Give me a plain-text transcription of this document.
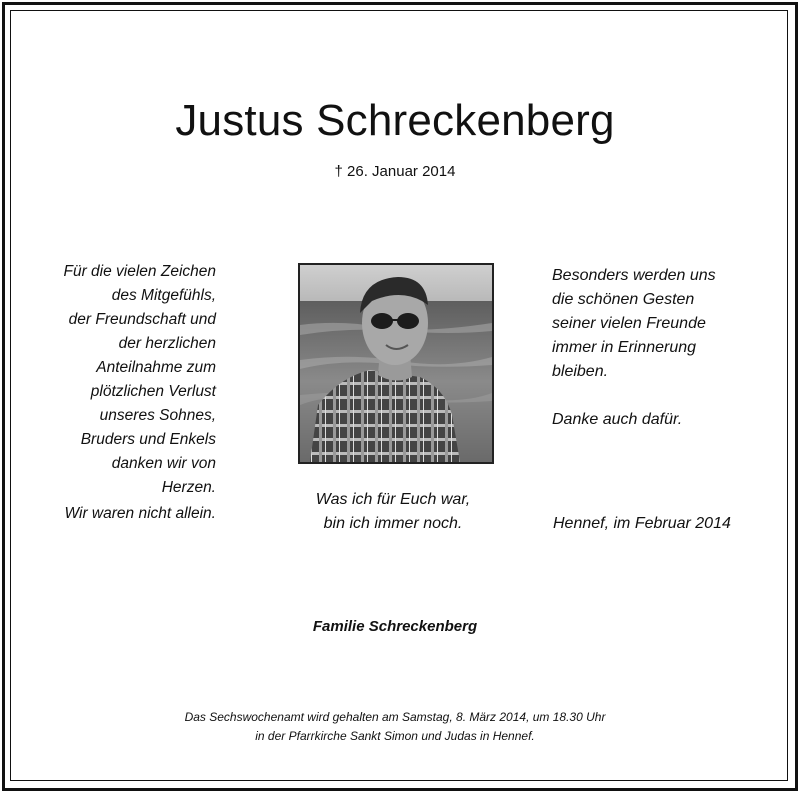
Justus Schreckenberg
† 26. Januar 2014
Für die vielen Zeichen
des Mitgefühls,
der Freundschaft und
der herzlichen
Anteilnahme zum
plötzlichen Verlust
unseres Sohnes,
Bruders und Enkels
danken wir von
Herzen.
Wir waren nicht allein.
Was ich für Euch war,
bin ich immer noch.
Besonders werden uns
die schönen Gesten
seiner vielen Freunde
immer in Erinnerung
bleiben.
Danke auch dafür.
Hennef, im Februar 2014
Familie Schreckenberg
Das Sechswochenamt wird gehalten am Samstag, 8. März 2014, um 18.30 Uhr
in der Pfarrkirche Sankt Simon und Judas in Hennef.
